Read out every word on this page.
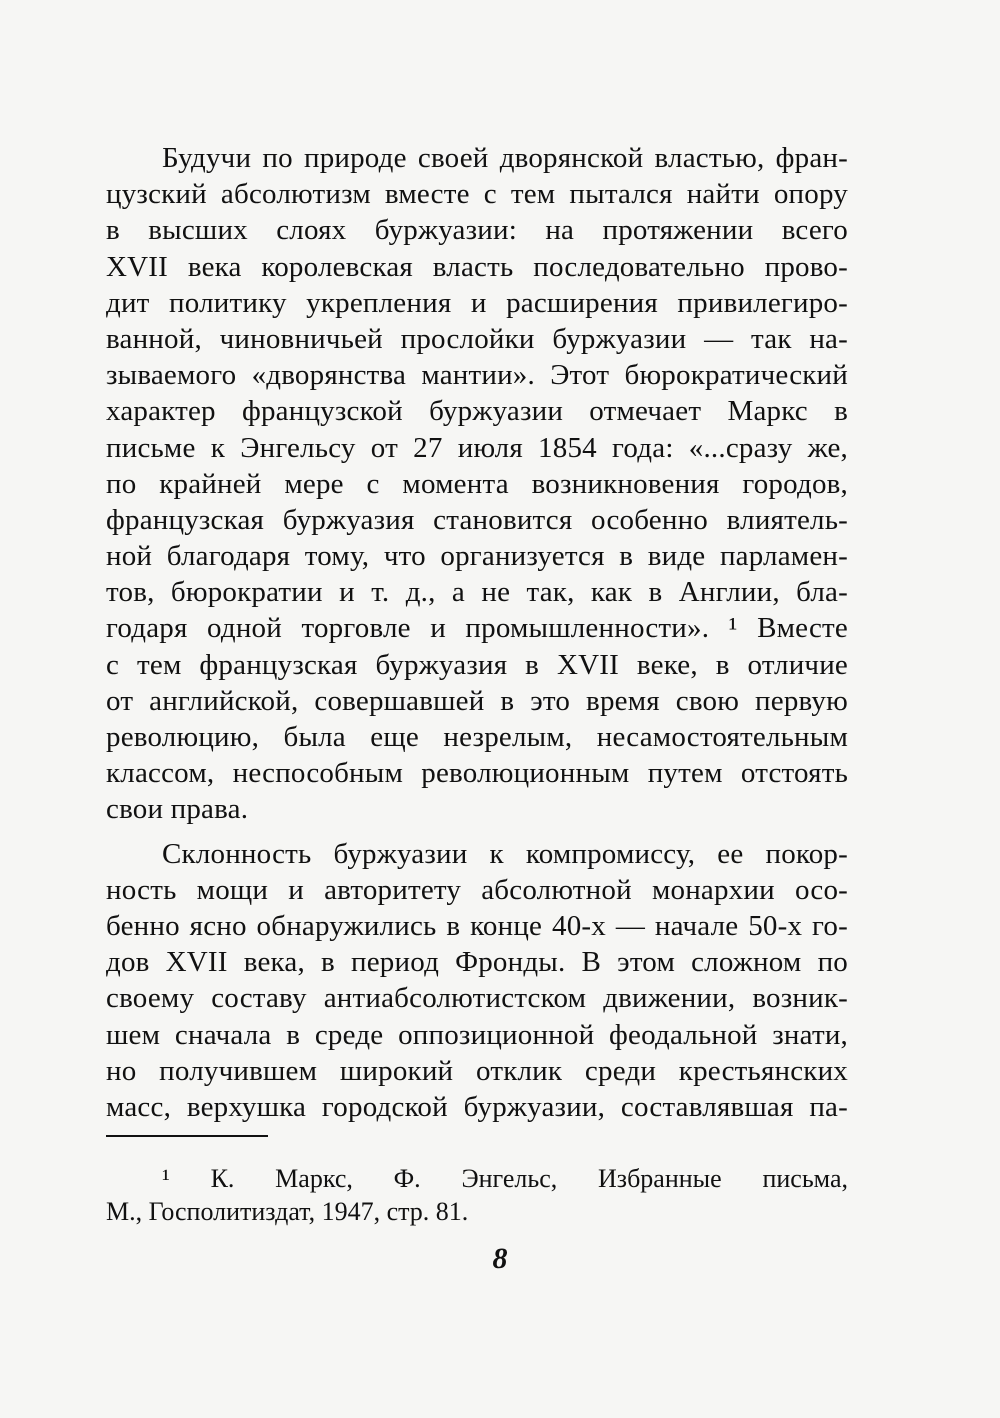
Будучи по природе своей дворянской властью, фран-
цузский абсолютизм вместе с тем пытался найти опору
в высших слоях буржуазии: на протяжении всего
XVII века королевская власть последовательно прово-
дит политику укрепления и расширения привилегиро-
ванной, чиновничьей прослойки буржуазии — так на-
зываемого «дворянства мантии». Этот бюрократический
характер французской буржуазии отмечает Маркс в
письме к Энгельсу от 27 июля 1854 года: «...сразу же,
по крайней мере с момента возникновения городов,
французская буржуазия становится особенно влиятель-
ной благодаря тому, что организуется в виде парламен-
тов, бюрократии и т. д., а не так, как в Англии, бла-
годаря одной торговле и промышленности». ¹ Вместе
с тем французская буржуазия в XVII веке, в отличие
от английской, совершавшей в это время свою первую
революцию, была еще незрелым, несамостоятельным
классом, неспособным революционным путем отстоять
свои права.
Склонность буржуазии к компромиссу, ее покор-
ность мощи и авторитету абсолютной монархии осо-
бенно ясно обнаружились в конце 40-х — начале 50-х го-
дов XVII века, в период Фронды. В этом сложном по
своему составу антиабсолютистском движении, возник-
шем сначала в среде оппозиционной феодальной знати,
но получившем широкий отклик среди крестьянских
масс, верхушка городской буржуазии, составлявшая па-
¹ К. Маркс, Ф. Энгельс, Избранные письма,
М., Госполитиздат, 1947, стр. 81.
8
